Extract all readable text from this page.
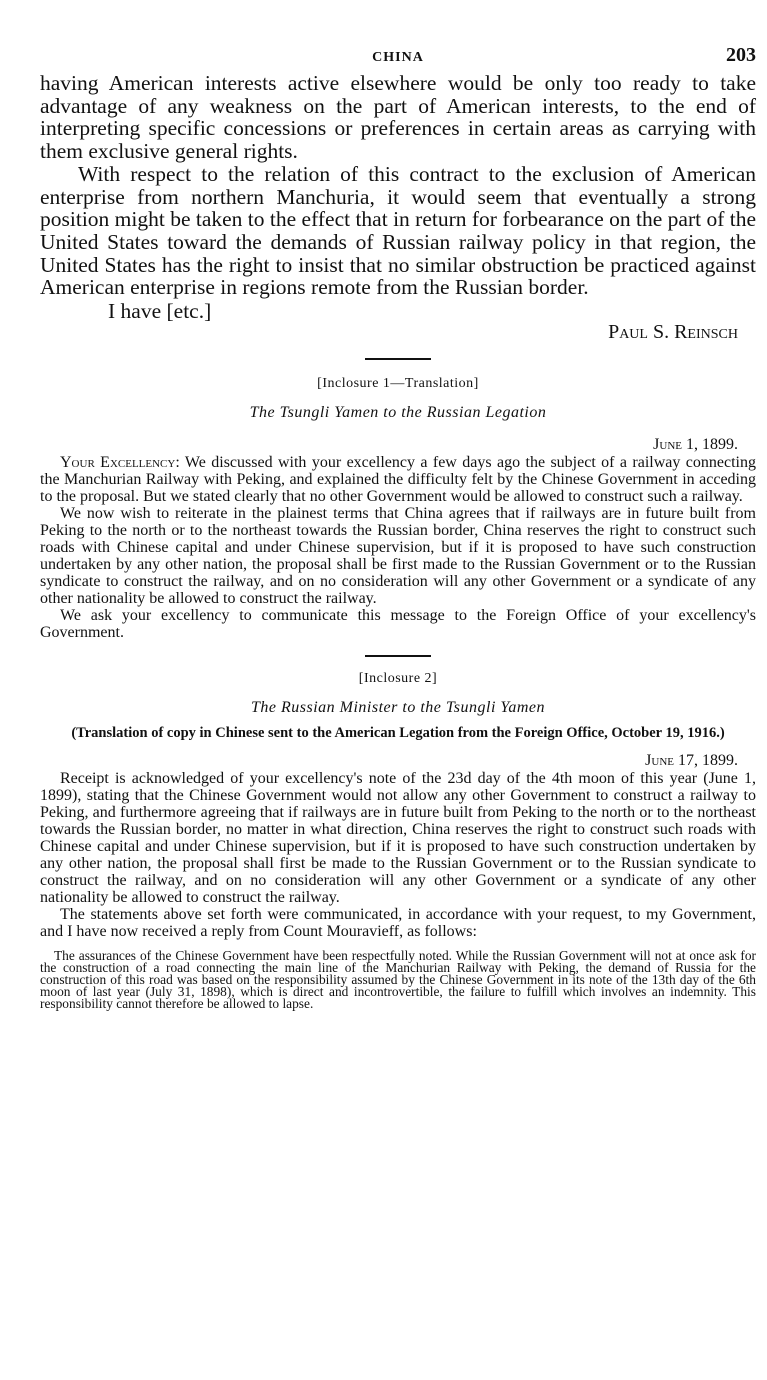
CHINA	203

having American interests active elsewhere would be only too ready to take advantage of any weakness on the part of American interests, to the end of interpreting specific concessions or preferences in certain areas as carrying with them exclusive general rights.

With respect to the relation of this contract to the exclusion of American enterprise from northern Manchuria, it would seem that eventually a strong position might be taken to the effect that in return for forbearance on the part of the United States toward the demands of Russian railway policy in that region, the United States has the right to insist that no similar obstruction be practiced against American enterprise in regions remote from the Russian border.

I have [etc.]
Paul S. Reinsch
[Inclosure 1—Translation]
The Tsungli Yamen to the Russian Legation
June 1, 1899.

Your Excellency: We discussed with your excellency a few days ago the subject of a railway connecting the Manchurian Railway with Peking, and explained the difficulty felt by the Chinese Government in acceding to the proposal. But we stated clearly that no other Government would be allowed to construct such a railway.

We now wish to reiterate in the plainest terms that China agrees that if railways are in future built from Peking to the north or to the northeast towards the Russian border, China reserves the right to construct such roads with Chinese capital and under Chinese supervision, but if it is proposed to have such construction undertaken by any other nation, the proposal shall be first made to the Russian Government or to the Russian syndicate to construct the railway, and on no consideration will any other Government or a syndicate of any other nationality be allowed to construct the railway.

We ask your excellency to communicate this message to the Foreign Office of your excellency's Government.

[Inclosure 2]
The Russian Minister to the Tsungli Yamen
(Translation of copy in Chinese sent to the American Legation from the Foreign Office, October 19, 1916.)
June 17, 1899.

Receipt is acknowledged of your excellency's note of the 23d day of the 4th moon of this year (June 1, 1899), stating that the Chinese Government would not allow any other Government to construct a railway to Peking, and furthermore agreeing that if railways are in future built from Peking to the north or to the northeast towards the Russian border, no matter in what direction, China reserves the right to construct such roads with Chinese capital and under Chinese supervision, but if it is proposed to have such construction undertaken by any other nation, the proposal shall first be made to the Russian Government or to the Russian syndicate to construct the railway, and on no consideration will any other Government or a syndicate of any other nationality be allowed to construct the railway.

The statements above set forth were communicated, in accordance with your request, to my Government, and I have now received a reply from Count Mouravieff, as follows:

The assurances of the Chinese Government have been respectfully noted. While the Russian Government will not at once ask for the construction of a road connecting the main line of the Manchurian Railway with Peking, the demand of Russia for the construction of this road was based on the responsibility assumed by the Chinese Government in its note of the 13th day of the 6th moon of last year (July 31, 1898), which is direct and incontrovertible, the failure to fulfill which involves an indemnity. This responsibility cannot therefore be allowed to lapse.
